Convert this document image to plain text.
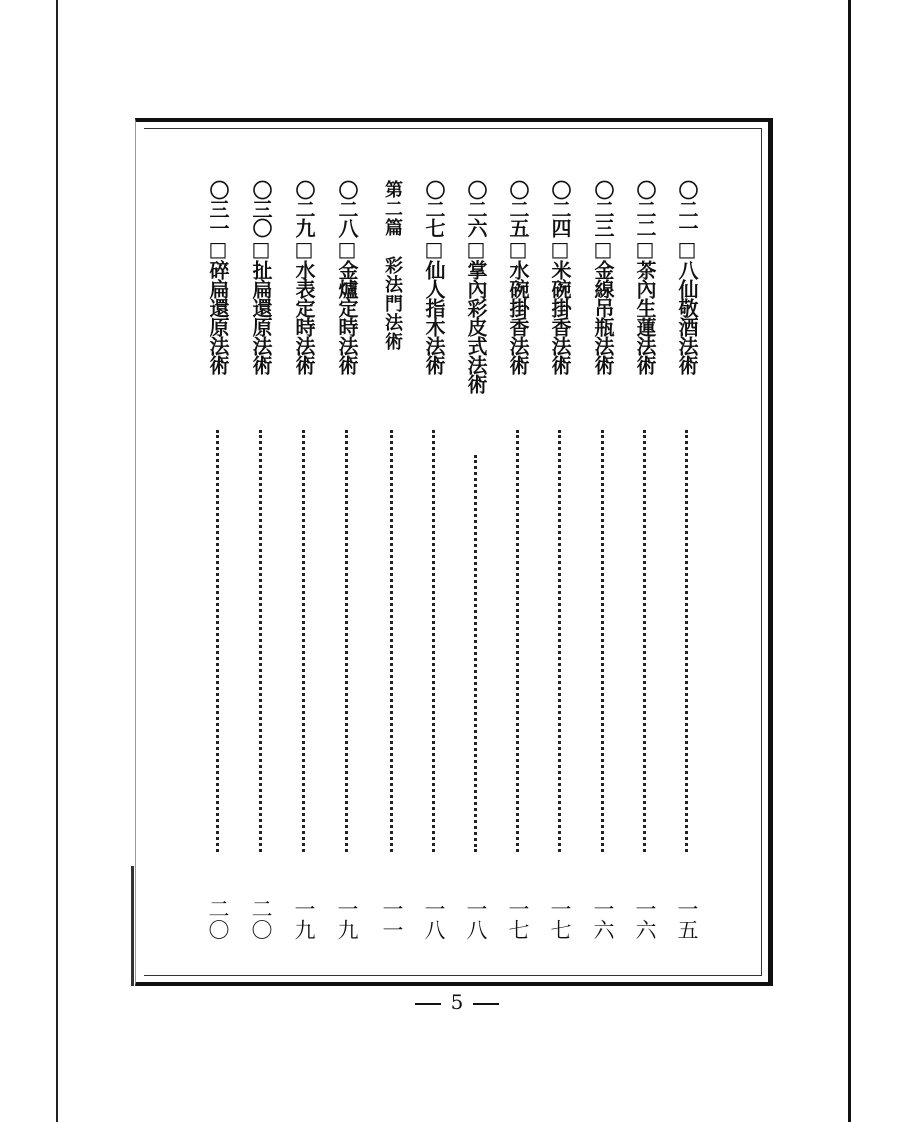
〇二一□八仙敬酒法術
一五
〇二二□茶內生蓮法術
一六
〇二三□金線吊瓶法術
一六
〇二四□米碗掛香法術
一七
〇二五□水碗掛香法術
一七
〇二六□掌內彩皮式法術
一八
〇二七□仙人指木法術
一八
第二篇　彩法門法術
一一
〇二八□金爐定時法術
一九
〇二九□水表定時法術
一九
〇三〇□扯扁還原法術
二〇
〇三一□碎扁還原法術
二〇
5
